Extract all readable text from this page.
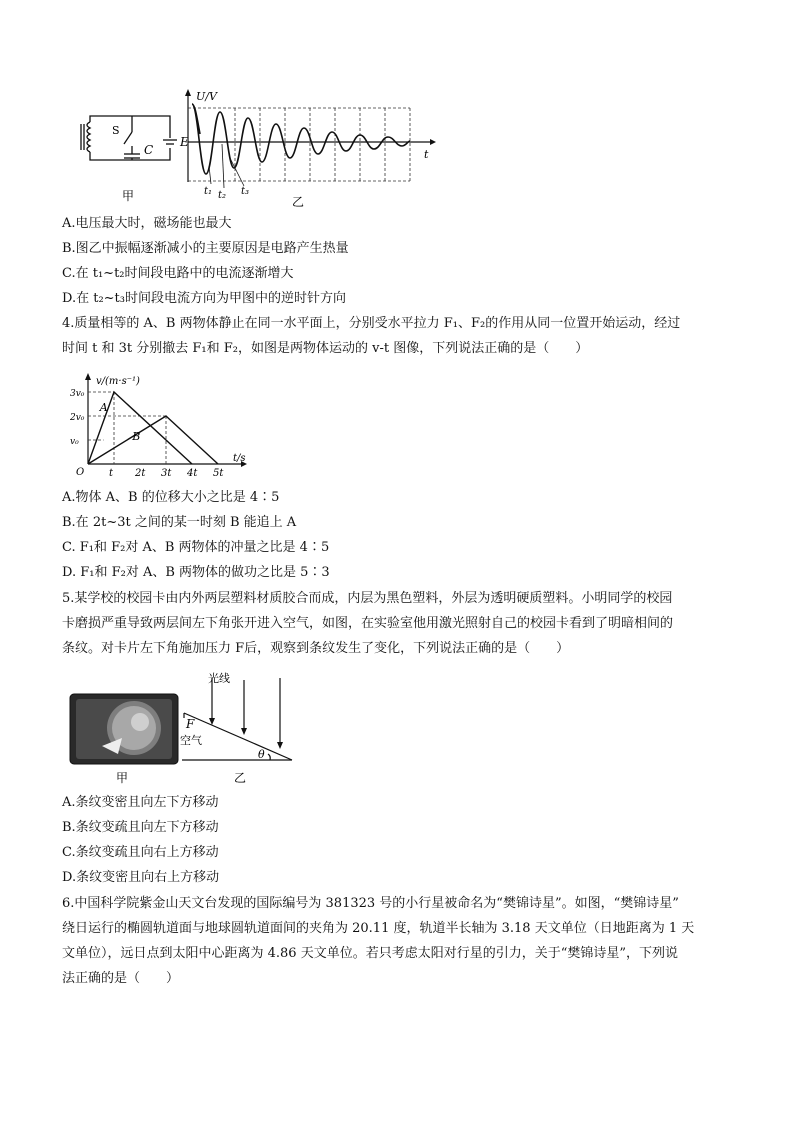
S
C
E
甲
U/V
t
t₁ t₂ t₃
乙
A.电压最大时，磁场能也最大
B.图乙中振幅逐渐减小的主要原因是电路产生热量
C.在 t₁~t₂时间段电路中的电流逐渐增大
D.在 t₂~t₃时间段电流方向为甲图中的逆时针方向
4.质量相等的 A、B 两物体静止在同一水平面上，分别受水平拉力 F₁、F₂的作用从同一位置开始运动，经过
时间 t 和 3t 分别撤去 F₁和 F₂，如图是两物体运动的 v-t 图像，下列说法正确的是（　　）
v/(m·s⁻¹)
t/s
O t 2t 3t 4t 5t
v₀
2v₀
3v₀
A
B
A.物体 A、B 的位移大小之比是 4∶5
B.在 2t~3t 之间的某一时刻 B 能追上 A
C. F₁和 F₂对 A、B 两物体的冲量之比是 4∶5
D. F₁和 F₂对 A、B 两物体的做功之比是 5∶3
5.某学校的校园卡由内外两层塑料材质胶合而成，内层为黑色塑料，外层为透明硬质塑料。小明同学的校园
卡磨损严重导致两层间左下角张开进入空气，如图，在实验室他用激光照射自己的校园卡看到了明暗相间的
条纹。对卡片左下角施加压力 F后，观察到条纹发生了变化，下列说法正确的是（　　）
甲
光线
F
空气
θ
乙
A.条纹变密且向左下方移动
B.条纹变疏且向左下方移动
C.条纹变疏且向右上方移动
D.条纹变密且向右上方移动
6.中国科学院紫金山天文台发现的国际编号为 381323 号的小行星被命名为“樊锦诗星”。如图，“樊锦诗星”
绕日运行的椭圆轨道面与地球圆轨道面间的夹角为 20.11 度，轨道半长轴为 3.18 天文单位（日地距离为 1 天
文单位），远日点到太阳中心距离为 4.86 天文单位。若只考虑太阳对行星的引力，关于“樊锦诗星”，下列说
法正确的是（　　）
